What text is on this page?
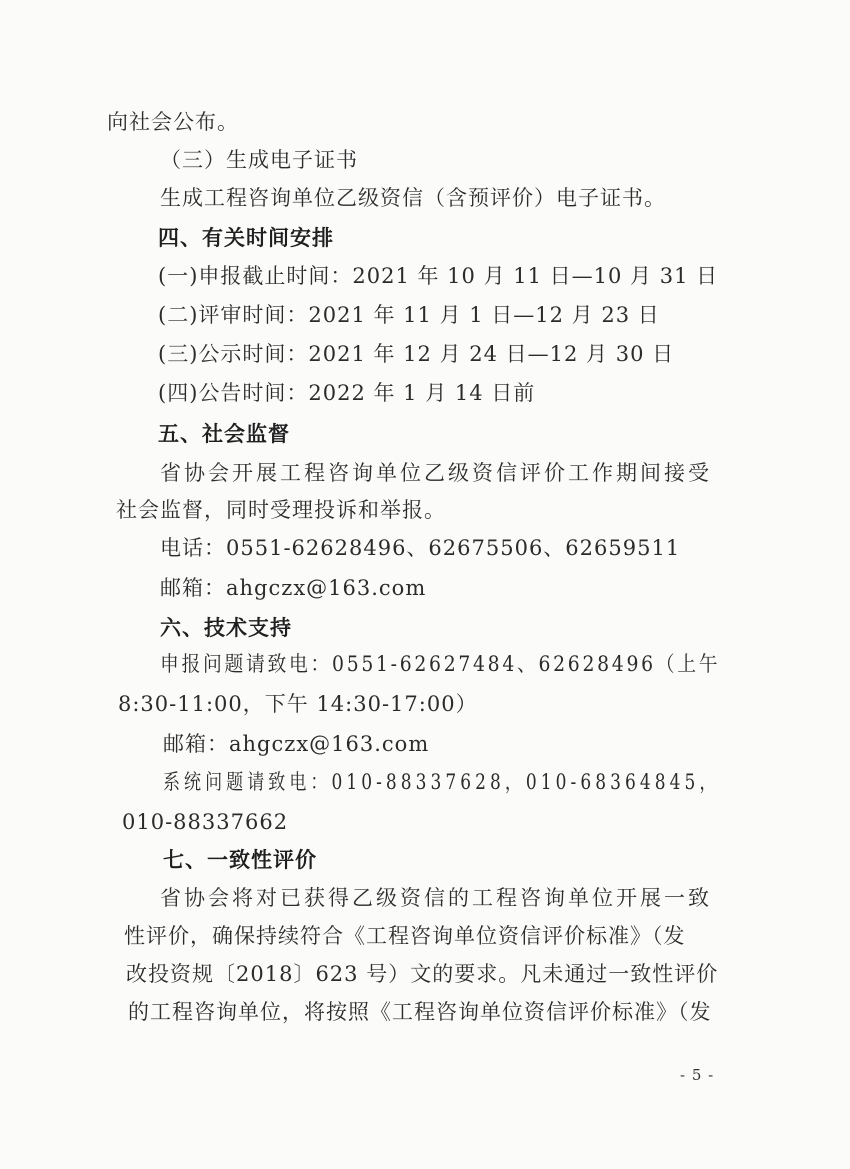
向社会公布。
（三）生成电子证书
生成工程咨询单位乙级资信（含预评价）电子证书。
四、有关时间安排
(一)申报截止时间：2021 年 10 月 11 日—10 月 31 日
(二)评审时间：2021 年 11 月 1 日—12 月 23 日
(三)公示时间：2021 年 12 月 24 日—12 月 30 日
(四)公告时间：2022 年 1 月 14 日前
五、社会监督
省协会开展工程咨询单位乙级资信评价工作期间接受
社会监督，同时受理投诉和举报。
电话：0551-62628496、62675506、62659511
邮箱：ahgczx@163.com
六、技术支持
申报问题请致电：0551-62627484、62628496（上午
8:30-11:00，下午 14:30-17:00）
邮箱：ahgczx@163.com
系统问题请致电：010-88337628，010-68364845，
010-88337662
七、一致性评价
省协会将对已获得乙级资信的工程咨询单位开展一致
性评价，确保持续符合《工程咨询单位资信评价标准》（发
改投资规〔2018〕623 号）文的要求。凡未通过一致性评价
的工程咨询单位，将按照《工程咨询单位资信评价标准》（发
- 5 -
